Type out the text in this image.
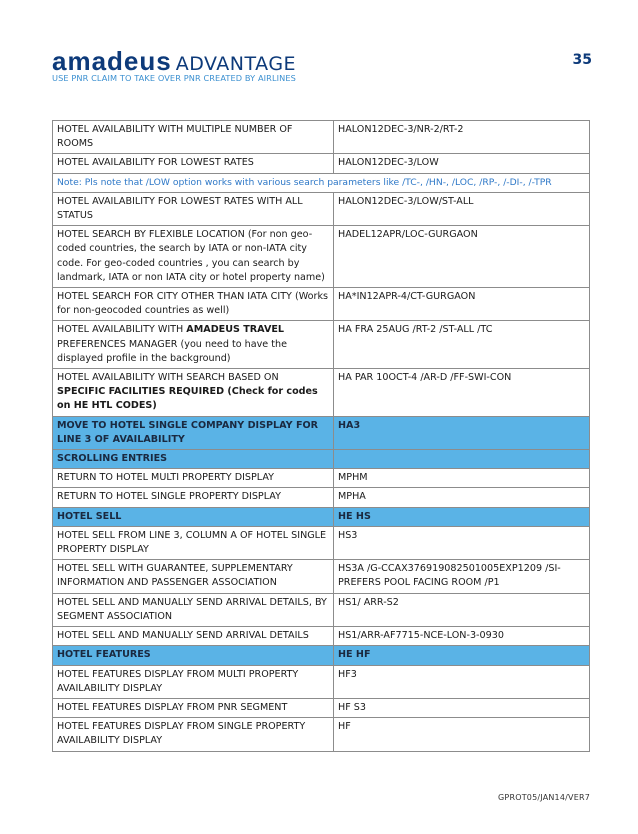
amadeus ADVANTAGE	35
USE PNR CLAIM TO TAKE OVER PNR CREATED BY AIRLINES
HOTEL AVAILABILITY WITH MULTIPLE NUMBER OF ROOMS	HALON12DEC-3/NR-2/RT-2
HOTEL AVAILABILITY FOR LOWEST RATES	HALON12DEC-3/LOW
Note: Pls note that /LOW option works with various search parameters like /TC-, /HN-, /LOC, /RP-, /-DI-, /-TPR	
HOTEL AVAILABILITY FOR LOWEST RATES WITH ALL STATUS	HALON12DEC-3/LOW/ST-ALL
HOTEL SEARCH BY FLEXIBLE LOCATION (For non geo-coded countries, the search by IATA or non-IATA city code. For geo-coded countries , you can search by landmark, IATA or non IATA city or hotel property name)	HADEL12APR/LOC-GURGAON
HOTEL SEARCH FOR CITY OTHER THAN IATA CITY (Works for non-geocoded countries as well)	HA*IN12APR-4/CT-GURGAON
HOTEL AVAILABILITY WITH AMADEUS TRAVEL PREFERENCES MANAGER (you need to have the displayed profile in the background)	HA FRA 25AUG /RT-2 /ST-ALL /TC
HOTEL AVAILABILITY WITH SEARCH BASED ON SPECIFIC FACILITIES REQUIRED (Check for codes on HE HTL CODES)	HA PAR 10OCT-4 /AR-D /FF-SWI-CON
MOVE TO HOTEL SINGLE COMPANY DISPLAY FOR LINE 3 OF AVAILABILITY	HA3
SCROLLING ENTRIES	
RETURN TO HOTEL MULTI PROPERTY DISPLAY	MPHM
RETURN TO HOTEL SINGLE PROPERTY DISPLAY	MPHA
HOTEL SELL	HE HS
HOTEL SELL FROM LINE 3, COLUMN A OF HOTEL SINGLE PROPERTY DISPLAY	HS3
HOTEL SELL WITH GUARANTEE, SUPPLEMENTARY INFORMATION AND PASSENGER ASSOCIATION	HS3A /G-CCAX376919082501005EXP1209 /SI-PREFERS POOL FACING ROOM /P1
HOTEL SELL AND MANUALLY SEND ARRIVAL DETAILS, BY SEGMENT ASSOCIATION	HS1/ ARR-S2
HOTEL SELL AND MANUALLY SEND ARRIVAL DETAILS	HS1/ARR-AF7715-NCE-LON-3-0930
HOTEL FEATURES	HE HF
HOTEL FEATURES DISPLAY FROM MULTI PROPERTY AVAILABILITY DISPLAY	HF3
HOTEL FEATURES DISPLAY FROM PNR SEGMENT	HF S3
HOTEL FEATURES DISPLAY FROM SINGLE PROPERTY AVAILABILITY DISPLAY	HF
GPROT05/JAN14/VER7
